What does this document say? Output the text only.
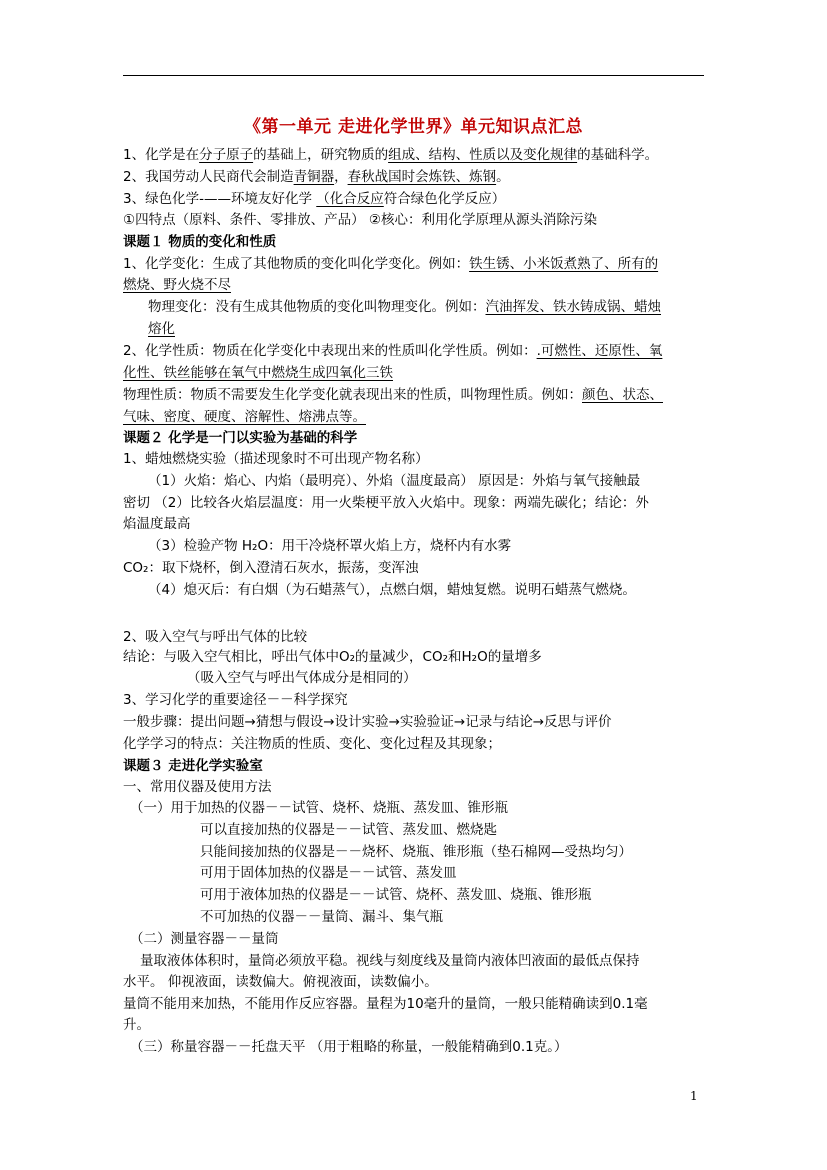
《第一单元 走进化学世界》单元知识点汇总
1、化学是在分子原子的基础上，研究物质的组成、结构、性质以及变化规律的基础科学。
2、我国劳动人民商代会制造青铜器，春秋战国时会炼铁、炼钢。
3、绿色化学-——环境友好化学 （化合反应符合绿色化学反应）
①四特点（原料、条件、零排放、产品） ②核心：利用化学原理从源头消除污染
课题１ 物质的变化和性质
1、化学变化：生成了其他物质的变化叫化学变化。例如：铁生锈、小米饭煮熟了、所有的
燃烧、野火烧不尽
物理变化：没有生成其他物质的变化叫物理变化。例如：汽油挥发、铁水铸成锅、蜡烛
熔化
2、化学性质：物质在化学变化中表现出来的性质叫化学性质。例如：.可燃性、还原性、氧
化性、铁丝能够在氧气中燃烧生成四氧化三铁
物理性质：物质不需要发生化学变化就表现出来的性质，叫物理性质。例如：颜色、状态、
气味、密度、硬度、溶解性、熔沸点等。
课题２ 化学是一门以实验为基础的科学
1、蜡烛燃烧实验（描述现象时不可出现产物名称）
（1）火焰：焰心、内焰（最明亮）、外焰（温度最高） 原因是：外焰与氧气接触最
密切 （2）比较各火焰层温度：用一火柴梗平放入火焰中。现象：两端先碳化；结论：外
焰温度最高
（3）检验产物 H₂O：用干冷烧杯罩火焰上方，烧杯内有水雾
CO₂：取下烧杯，倒入澄清石灰水，振荡，变浑浊
（4）熄灭后：有白烟（为石蜡蒸气），点燃白烟，蜡烛复燃。说明石蜡蒸气燃烧。
2、吸入空气与呼出气体的比较
结论：与吸入空气相比，呼出气体中O₂的量减少，CO₂和H₂O的量增多
（吸入空气与呼出气体成分是相同的）
3、学习化学的重要途径－－科学探究
一般步骤：提出问题→猜想与假设→设计实验→实验验证→记录与结论→反思与评价
化学学习的特点：关注物质的性质、变化、变化过程及其现象；
课题３ 走进化学实验室
一、常用仪器及使用方法
（一）用于加热的仪器－－试管、烧杯、烧瓶、蒸发皿、锥形瓶
可以直接加热的仪器是－－试管、蒸发皿、燃烧匙
只能间接加热的仪器是－－烧杯、烧瓶、锥形瓶（垫石棉网—受热均匀）
可用于固体加热的仪器是－－试管、蒸发皿
可用于液体加热的仪器是－－试管、烧杯、蒸发皿、烧瓶、锥形瓶
不可加热的仪器－－量筒、漏斗、集气瓶
（二）测量容器－－量筒
量取液体体积时，量筒必须放平稳。视线与刻度线及量筒内液体凹液面的最低点保持
水平。 仰视液面，读数偏大。俯视液面，读数偏小。
量筒不能用来加热，不能用作反应容器。量程为10毫升的量筒，一般只能精确读到0.1毫
升。
（三）称量容器－－托盘天平 （用于粗略的称量，一般能精确到0.1克。）
1
